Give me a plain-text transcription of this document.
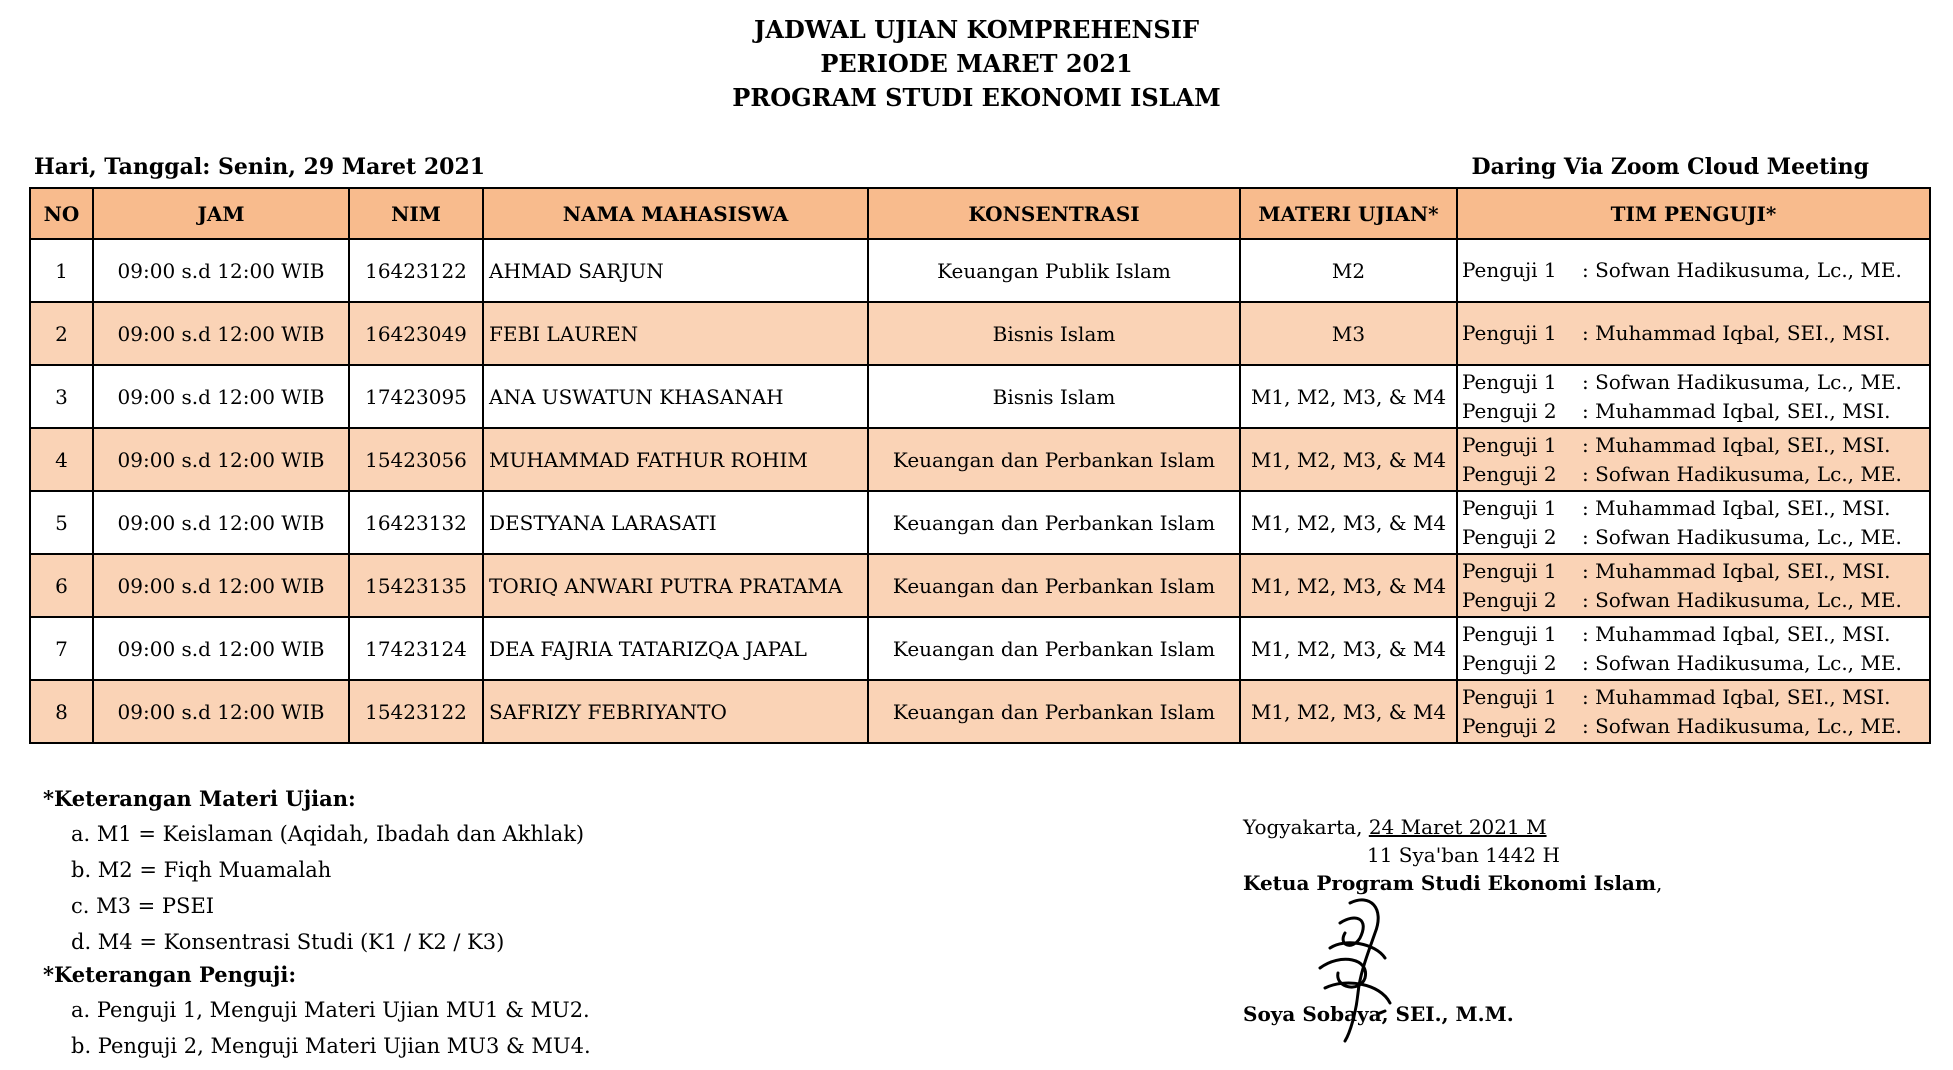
JADWAL UJIAN KOMPREHENSIF
PERIODE MARET 2021
PROGRAM STUDI EKONOMI ISLAM
Hari, Tanggal: Senin, 29 Maret 2021	Daring Via Zoom Cloud Meeting
NO	JAM	NIM	NAMA MAHASISWA	KONSENTRASI	MATERI UJIAN*	TIM PENGUJI*
1	09:00 s.d 12:00 WIB	16423122	AHMAD SARJUN	Keuangan Publik Islam	M2	Penguji 1 : Sofwan Hadikusuma, Lc., ME.

2	09:00 s.d 12:00 WIB	16423049	FEBI LAUREN	Bisnis Islam	M3	Penguji 1 : Muhammad Iqbal, SEI., MSI.

3	09:00 s.d 12:00 WIB	17423095	ANA USWATUN KHASANAH	Bisnis Islam	M1, M2, M3, & M4	Penguji 1 : Sofwan Hadikusuma, Lc., ME.
Penguji 2 : Muhammad Iqbal, SEI., MSI.

4	09:00 s.d 12:00 WIB	15423056	MUHAMMAD FATHUR ROHIM	Keuangan dan Perbankan Islam	M1, M2, M3, & M4	Penguji 1 : Muhammad Iqbal, SEI., MSI.
Penguji 2 : Sofwan Hadikusuma, Lc., ME.

5	09:00 s.d 12:00 WIB	16423132	DESTYANA LARASATI	Keuangan dan Perbankan Islam	M1, M2, M3, & M4	Penguji 1 : Muhammad Iqbal, SEI., MSI.
Penguji 2 : Sofwan Hadikusuma, Lc., ME.

6	09:00 s.d 12:00 WIB	15423135	TORIQ ANWARI PUTRA PRATAMA	Keuangan dan Perbankan Islam	M1, M2, M3, & M4	Penguji 1 : Muhammad Iqbal, SEI., MSI.
Penguji 2 : Sofwan Hadikusuma, Lc., ME.

7	09:00 s.d 12:00 WIB	17423124	DEA FAJRIA TATARIZQA JAPAL	Keuangan dan Perbankan Islam	M1, M2, M3, & M4	Penguji 1 : Muhammad Iqbal, SEI., MSI.
Penguji 2 : Sofwan Hadikusuma, Lc., ME.

8	09:00 s.d 12:00 WIB	15423122	SAFRIZY FEBRIYANTO	Keuangan dan Perbankan Islam	M1, M2, M3, & M4	Penguji 1 : Muhammad Iqbal, SEI., MSI.
Penguji 2 : Sofwan Hadikusuma, Lc., ME.
*Keterangan Materi Ujian:
a. M1 = Keislaman (Aqidah, Ibadah dan Akhlak)
b. M2 = Fiqh Muamalah
c. M3 = PSEI
d. M4 = Konsentrasi Studi (K1 / K2 / K3)
*Keterangan Penguji:
a. Penguji 1, Menguji Materi Ujian MU1 & MU2.
b. Penguji 2, Menguji Materi Ujian MU3 & MU4.
Yogyakarta, 24 Maret 2021 M
11 Sya'ban 1442 H
Ketua Program Studi Ekonomi Islam,
Soya Sobaya, SEI., M.M.
